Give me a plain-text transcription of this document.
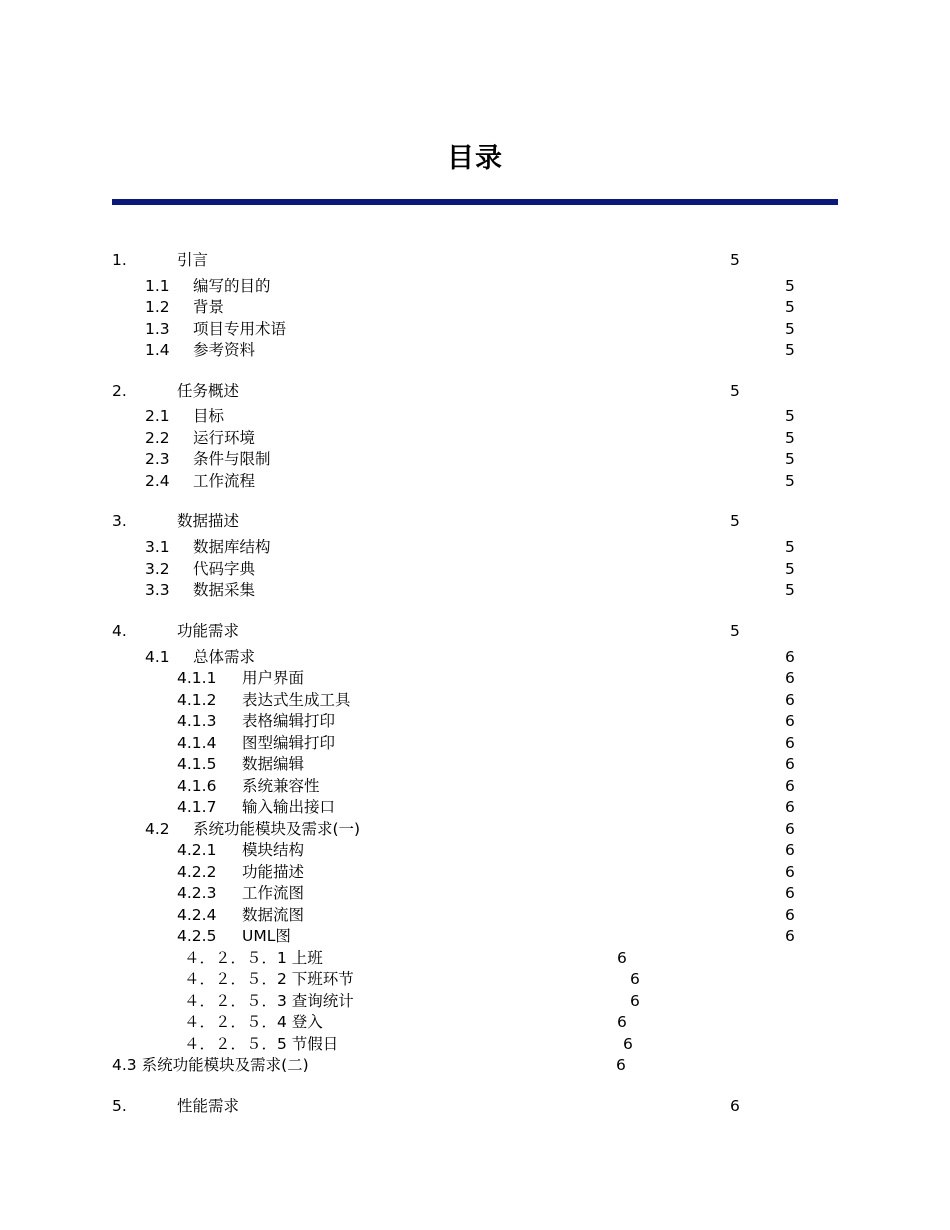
目录
1.	引言	5
1.1 编写的目的	5
1.2 背景	5
1.3 项目专用术语	5
1.4 参考资料	5
2.	任务概述	5
2.1 目标	5
2.2 运行环境	5
2.3 条件与限制	5
2.4 工作流程	5
3.	数据描述	5
3.1 数据库结构	5
3.2 代码字典	5
3.3 数据采集	5
4.	功能需求	5
4.1 总体需求	6
4.1.1 用户界面	6
4.1.2 表达式生成工具	6
4.1.3 表格编辑打印	6
4.1.4 图型编辑打印	6
4.1.5 数据编辑	6
4.1.6 系统兼容性	6
4.1.7 输入输出接口	6
4.2 系统功能模块及需求(一)	6
4.2.1 模块结构	6
4.2.2 功能描述	6
4.2.3 工作流图	6
4.2.4 数据流图	6
4.2.5 UML图	6
４．２．５．1 上班	6
４．２．５．2 下班环节	6
４．２．５．3 查询统计	6
４．２．５．4 登入	6
４．２．５．5 节假日	6
4.3 系统功能模块及需求(二)	6
5.	性能需求	6
